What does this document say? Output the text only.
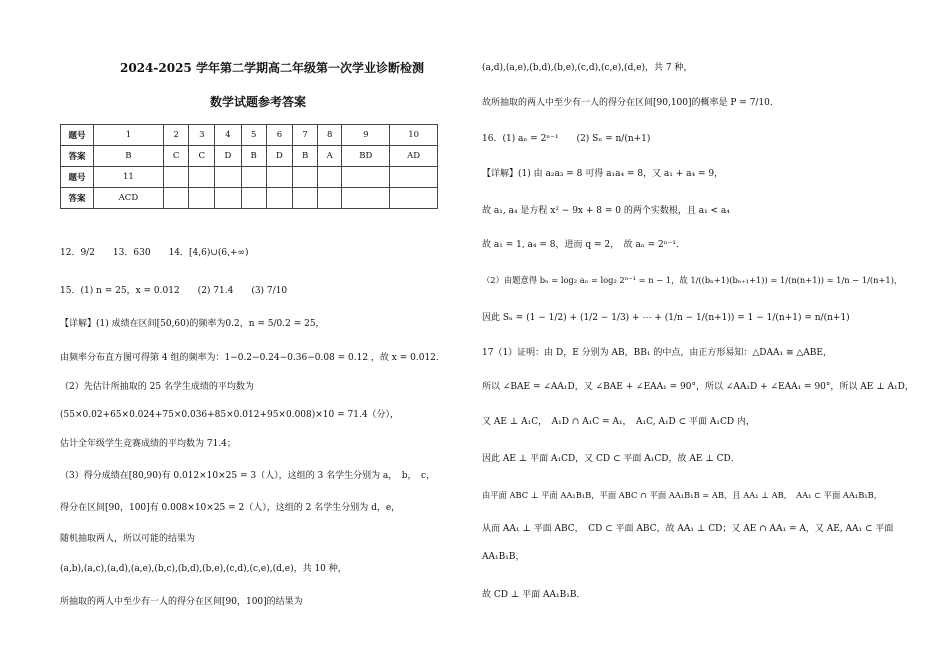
2024-2025 学年第二学期高二年级第一次学业诊断检测
数学试题参考答案
题号	1	2	3	4	5	6	7	8	9	10
答案	B	C	C	D	B	D	B	A	BD	AD
题号	11									
答案	ACD									
12．9/2　　13．630　　14．[4,6)∪(6,+∞)
15．(1) n = 25，x = 0.012　　(2) 71.4　　(3) 7/10
【详解】(1) 成绩在区间[50,60)的频率为0.2，n = 5/0.2 = 25，
由频率分布直方图可得第 4 组的频率为：1−0.2−0.24−0.36−0.08 = 0.12 ，故 x = 0.012．
（2）先估计所抽取的 25 名学生成绩的平均数为
(55×0.02+65×0.024+75×0.036+85×0.012+95×0.008)×10 = 71.4（分），
估计全年级学生竞赛成绩的平均数为 71.4；
（3）得分成绩在[80,90)有 0.012×10×25 = 3（人），这组的 3 名学生分别为 a，　b，　c，
得分在区间[90，100]有 0.008×10×25 = 2（人），这组的 2 名学生分别为 d，e，
随机抽取两人，所以可能的结果为
(a,b),(a,c),(a,d),(a,e),(b,c),(b,d),(b,e),(c,d),(c,e),(d,e)，共 10 种，
所抽取的两人中至少有一人的得分在区间[90，100]的结果为
(a,d),(a,e),(b,d),(b,e),(c,d),(c,e),(d,e)，共 7 种，
故所抽取的两人中至少有一人的得分在区间[90,100]的概率是 P = 7/10．
16．(1) aₙ = 2ⁿ⁻¹　　(2) Sₙ = n/(n+1)
【详解】(1) 由 a₂a₃ = 8 可得 a₁a₄ = 8，又 a₁ + a₄ = 9，
故 a₁, a₄ 是方程 x² − 9x + 8 = 0 的两个实数根，且 a₁ < a₄
故 a₁ = 1, a₄ = 8，进而 q = 2，　故 aₙ = 2ⁿ⁻¹．
（2）由题意得 bₙ = log₂ aₙ = log₂ 2ⁿ⁻¹ = n − 1，故 1/((bₙ+1)(bₙ₊₁+1)) = 1/(n(n+1)) = 1/n − 1/(n+1)，
因此 Sₙ = (1 − 1/2) + (1/2 − 1/3) + ⋯ + (1/n − 1/(n+1)) = 1 − 1/(n+1) = n/(n+1)
17（1）证明：由 D，E 分别为 AB，BB₁ 的中点，由正方形易知：△DAA₁ ≅ △ABE，
所以 ∠BAE = ∠AA₁D，又 ∠BAE + ∠EAA₁ = 90°，所以 ∠AA₁D + ∠EAA₁ = 90°，所以 AE ⊥ A₁D，
又 AE ⊥ A₁C，　A₁D ∩ A₁C = A₁，　A₁C, A₁D ⊂ 平面 A₁CD 内，
因此 AE ⊥ 平面 A₁CD，又 CD ⊂ 平面 A₁CD，故 AE ⊥ CD．
由平面 ABC ⊥ 平面 AA₁B₁B，平面 ABC ∩ 平面 AA₁B₁B = AB，且 AA₁ ⊥ AB，　AA₁ ⊂ 平面 AA₁B₁B，
从而 AA₁ ⊥ 平面 ABC，　CD ⊂ 平面 ABC，故 AA₁ ⊥ CD；又 AE ∩ AA₁ = A，又 AE, AA₁ ⊂ 平面
AA₁B₁B，
故 CD ⊥ 平面 AA₁B₁B．
